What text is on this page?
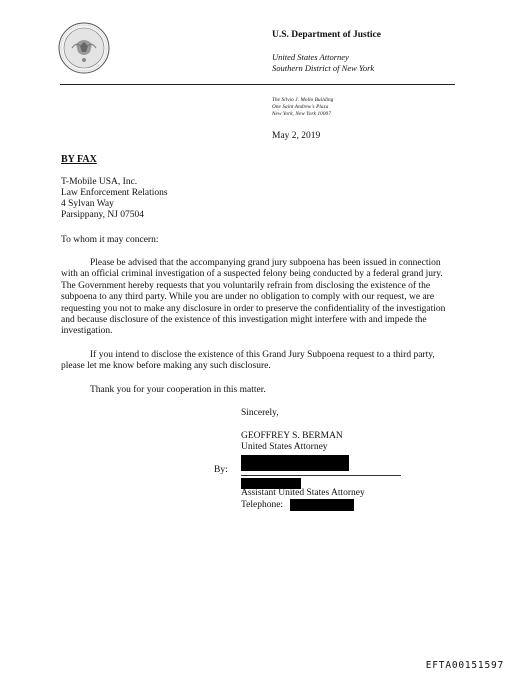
U.S. Department of Justice
United States Attorney
Southern District of New York
The Silvio J. Mollo Building
One Saint Andrew's Plaza
New York, New York 10007
May 2, 2019
BY FAX
T-Mobile USA, Inc.
Law Enforcement Relations
4 Sylvan Way
Parsippany, NJ 07504
To whom it may concern:
Please be advised that the accompanying grand jury subpoena has been issued in connection with an official criminal investigation of a suspected felony being conducted by a federal grand jury. The Government hereby requests that you voluntarily refrain from disclosing the existence of the subpoena to any third party. While you are under no obligation to comply with our request, we are requesting you not to make any disclosure in order to preserve the confidentiality of the investigation and because disclosure of the existence of this investigation might interfere with and impede the investigation.
If you intend to disclose the existence of this Grand Jury Subpoena request to a third party, please let me know before making any such disclosure.
Thank you for your cooperation in this matter.
Sincerely,
GEOFFREY S. BERMAN
United States Attorney
By:
Assistant United States Attorney
Telephone:
EFTA00151597
